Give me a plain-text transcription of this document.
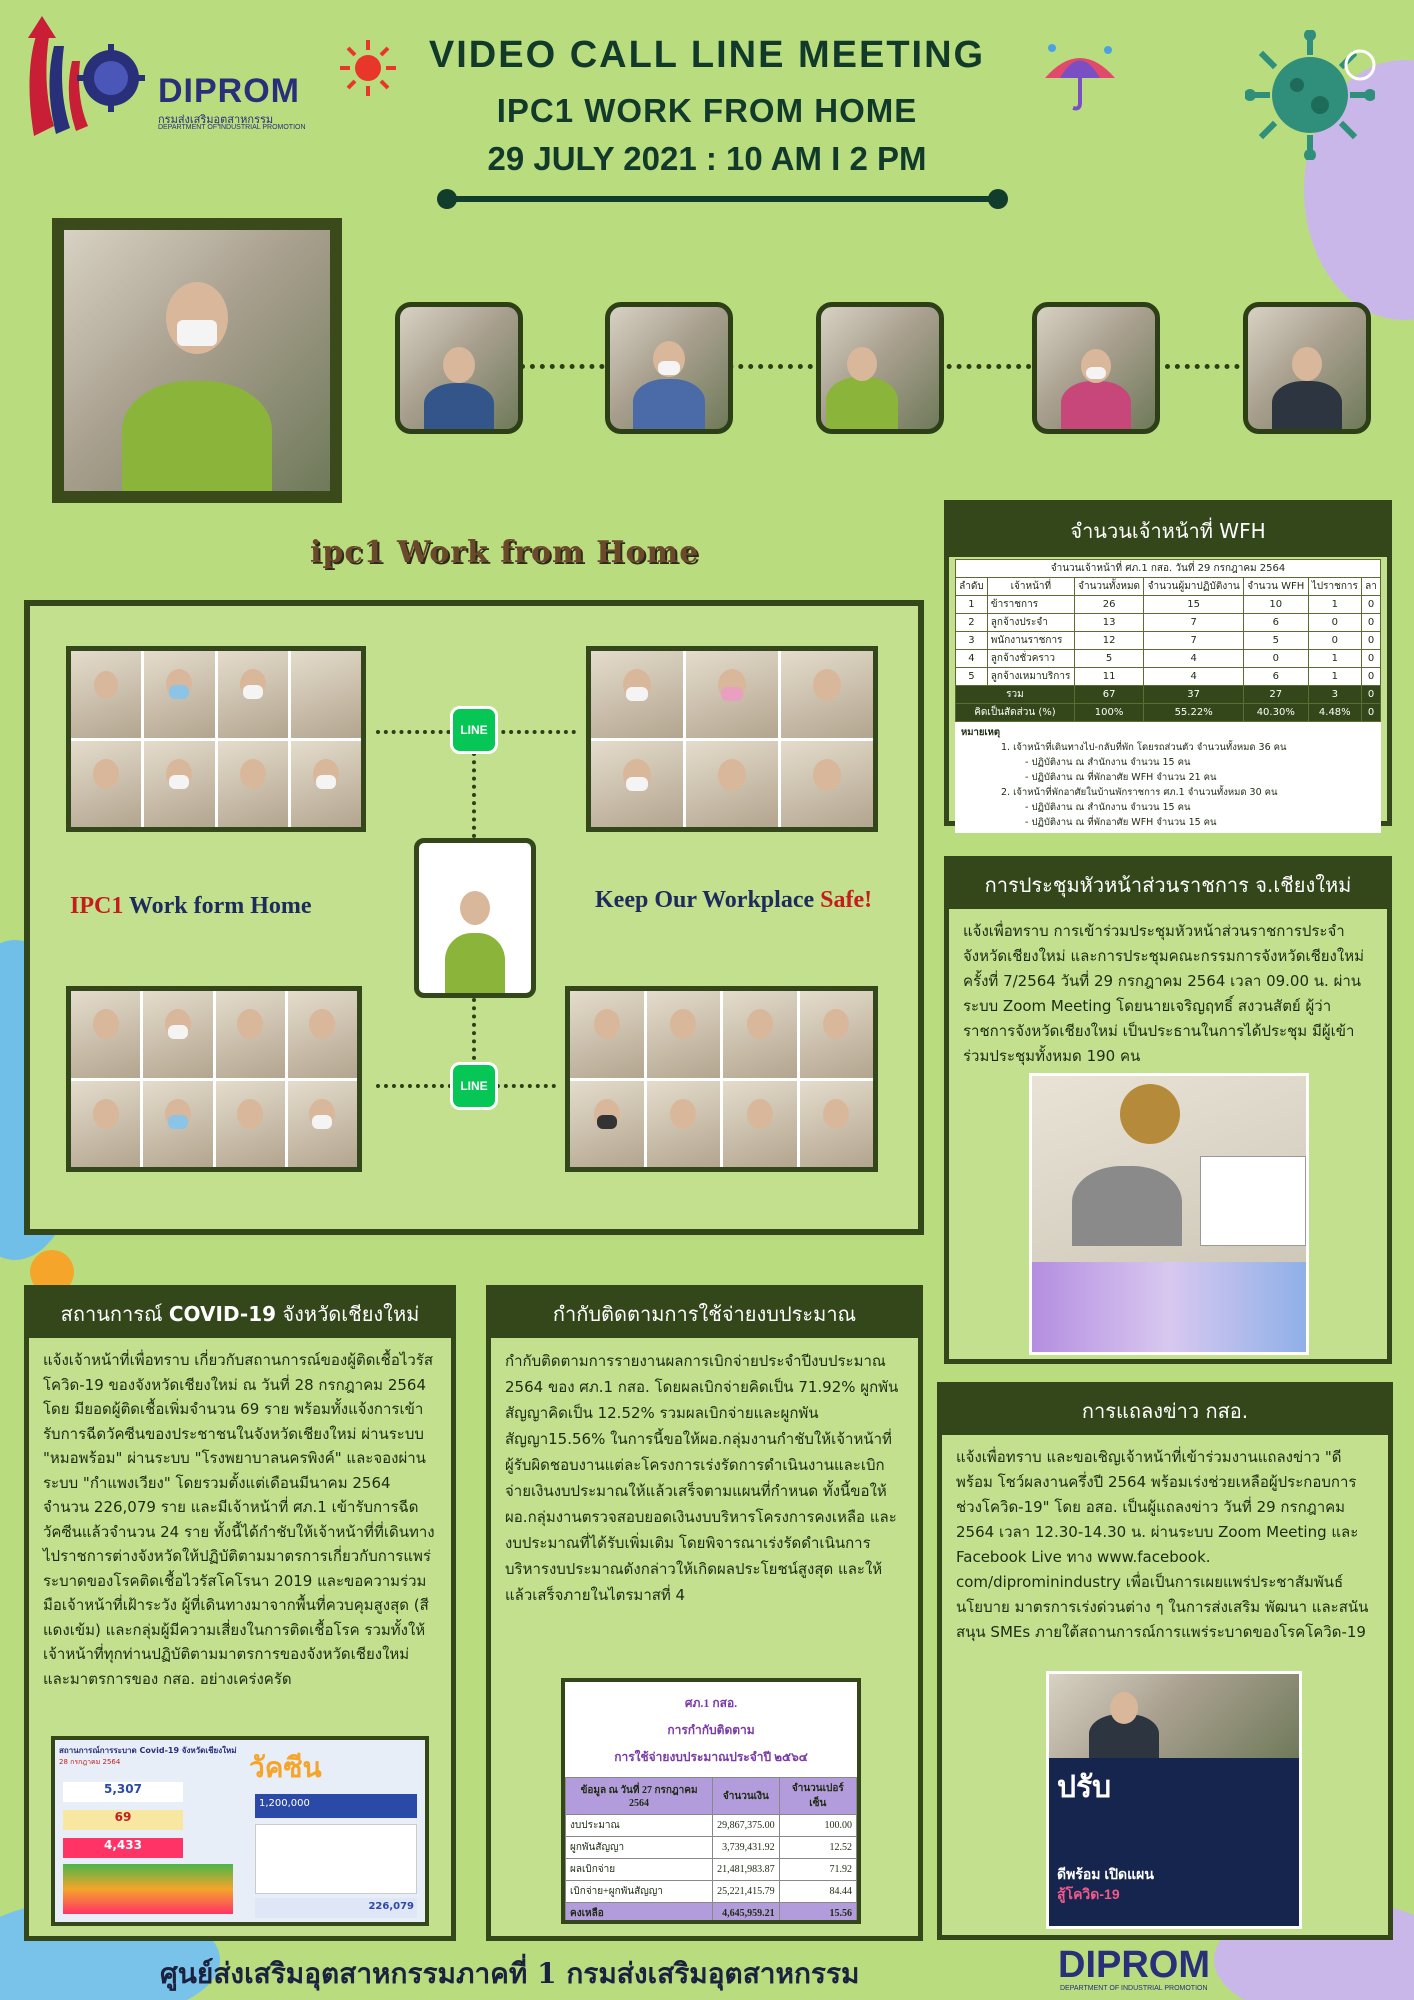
DIPROM
กรมส่งเสริมอุตสาหกรรม
DEPARTMENT OF INDUSTRIAL PROMOTION
VIDEO CALL LINE MEETING
IPC1 WORK FROM HOME
29 JULY 2021 : 10 AM I 2 PM
ipc1 Work from Home
LINE
LINE
IPC1 Work form Home	Keep Our Workplace Safe!
จำนวนเจ้าหน้าที่ WFH
จำนวนเจ้าหน้าที่ ศภ.1 กสอ. วันที่ 29 กรกฎาคม 2564						
ลำดับ	เจ้าหน้าที่	จำนวนทั้งหมด	จำนวนผู้มาปฏิบัติงาน	จำนวน WFH	ไปราชการ	ลา
1	ข้าราชการ	26	15	10	1	0
2	ลูกจ้างประจำ	13	7	6	0	0
3	พนักงานราชการ	12	7	5	0	0
4	ลูกจ้างชั่วคราว	5	4	0	1	0
5	ลูกจ้างเหมาบริการ	11	4	6	1	0
รวม		67	37	27	3	0
คิดเป็นสัดส่วน (%)		100%	55.22%	40.30%	4.48%	0
หมายเหตุ
1. เจ้าหน้าที่เดินทางไป-กลับที่พัก โดยรถส่วนตัว จำนวนทั้งหมด 36 คน
- ปฏิบัติงาน ณ สำนักงาน จำนวน 15 คน
- ปฏิบัติงาน ณ ที่พักอาศัย WFH จำนวน 21 คน
2. เจ้าหน้าที่พักอาศัยในบ้านพักราชการ ศภ.1 จำนวนทั้งหมด 30 คน
- ปฏิบัติงาน ณ สำนักงาน จำนวน 15 คน
- ปฏิบัติงาน ณ ที่พักอาศัย WFH จำนวน 15 คน
การประชุมหัวหน้าส่วนราชการ จ.เชียงใหม่
แจ้งเพื่อทราบ การเข้าร่วมประชุมหัวหน้าส่วนราชการประจำจังหวัดเชียงใหม่ และการประชุมคณะกรรมการจังหวัดเชียงใหม่ ครั้งที่ 7/2564 วันที่ 29 กรกฎาคม 2564 เวลา 09.00 น. ผ่านระบบ Zoom Meeting โดยนายเจริญฤทธิ์ สงวนสัตย์ ผู้ว่าราชการจังหวัดเชียงใหม่ เป็นประธานในการได้ประชุม มีผู้เข้าร่วมประชุมทั้งหมด 190 คน
การแถลงข่าว กสอ.
แจ้งเพื่อทราบ และขอเชิญเจ้าหน้าที่เข้าร่วมงานแถลงข่าว "ดีพร้อม โชว์ผลงานครึ่งปี 2564 พร้อมเร่งช่วยเหลือผู้ประกอบการช่วงโควิด-19" โดย อสอ. เป็นผู้แถลงข่าว วันที่ 29 กรกฎาคม 2564 เวลา 12.30-14.30 น. ผ่านระบบ Zoom Meeting และ Facebook Live ทาง www.facebook. com/diprominindustry เพื่อเป็นการเผยแพร่ประชาสัมพันธ์นโยบาย มาตรการเร่งด่วนต่าง ๆ ในการส่งเสริม พัฒนา และสนันสนุน SMEs ภายใต้สถานการณ์การแพร่ระบาดของโรคโควิด-19
ปรับ
ดีพร้อม เปิดแผน
สู้โควิด-19
สถานการณ์ COVID-19 จังหวัดเชียงใหม่
แจ้งเจ้าหน้าที่เพื่อทราบ เกี่ยวกับสถานการณ์ของผู้ติดเชื้อไวรัสโควิด-19 ของจังหวัดเชียงใหม่ ณ วันที่ 28 กรกฎาคม 2564 โดย มียอดผู้ติดเชื้อเพิ่มจำนวน 69 ราย พร้อมทั้งแจ้งการเข้ารับการฉีดวัคซีนของประชาชนในจังหวัดเชียงใหม่ ผ่านระบบ "หมอพร้อม" ผ่านระบบ "โรงพยาบาลนครพิงค์" และจองผ่านระบบ "กำแพงเวียง" โดยรวมตั้งแต่เดือนมีนาคม 2564 จำนวน 226,079 ราย และมีเจ้าหน้าที่ ศภ.1 เข้ารับการฉีดวัคซีนแล้วจำนวน 24 ราย ทั้งนี้ได้กำชับให้เจ้าหน้าที่ที่เดินทางไปราชการต่างจังหวัดให้ปฏิบัติตามมาตรการเกี่ยวกับการแพร่ระบาดของโรคติดเชื้อไวรัสโคโรนา 2019 และขอความร่วมมือเจ้าหน้าที่เฝ้าระวัง ผู้ที่เดินทางมาจากพื้นที่ควบคุมสูงสุด (สีแดงเข้ม) และกลุ่มผู้มีความเสี่ยงในการติดเชื้อโรค รวมทั้งให้เจ้าหน้าที่ทุกท่านปฏิบัติตามมาตรการของจังหวัดเชียงใหม่ และมาตรการของ กสอ. อย่างเคร่งครัด
สถานการณ์การระบาด Covid-19 จังหวัดเชียงใหม่
28 กรกฎาคม 2564	วัคซีน
5,307
69
4,433
1,200,000
226,079
กำกับติดตามการใช้จ่ายงบประมาณ
กำกับติดตามการรายงานผลการเบิกจ่ายประจำปีงบประมาณ 2564 ของ ศภ.1 กสอ. โดยผลเบิกจ่ายคิดเป็น 71.92% ผูกพันสัญญาคิดเป็น 12.52% รวมผลเบิกจ่ายและผูกพันสัญญา15.56% ในการนี้ขอให้ผอ.กลุ่มงานกำชับให้เจ้าหน้าที่ผู้รับผิดชอบงานแต่ละโครงการเร่งรัดการดำเนินงานและเบิกจ่ายเงินงบประมาณให้แล้วเสร็จตามแผนที่กำหนด ทั้งนี้ขอให้ผอ.กลุ่มงานตรวจสอบยอดเงินงบบริหารโครงการคงเหลือ และงบประมาณที่ได้รับเพิ่มเติม โดยพิจารณาเร่งรัดดำเนินการบริหารงบประมาณดังกล่าวให้เกิดผลประโยชน์สูงสุด และให้แล้วเสร็จภายในไตรมาสที่ 4
ศภ.1 กสอ.
การกำกับติดตาม
การใช้จ่ายงบประมาณประจำปี ๒๕๖๔
ข้อมูล ณ วันที่ 27 กรกฎาคม 2564	จำนวนเงิน	จำนวนเปอร์เซ็น
งบประมาณ	29,867,375.00	100.00
ผูกพันสัญญา	3,739,431.92	12.52
ผลเบิกจ่าย	21,481,983.87	71.92
เบิกจ่าย+ผูกพันสัญญา	25,221,415.79	84.44
คงเหลือ	4,645,959.21	15.56
ศูนย์ส่งเสริมอุตสาหกรรมภาคที่ 1 กรมส่งเสริมอุตสาหกรรม	DIPROM
DEPARTMENT OF INDUSTRIAL PROMOTION
